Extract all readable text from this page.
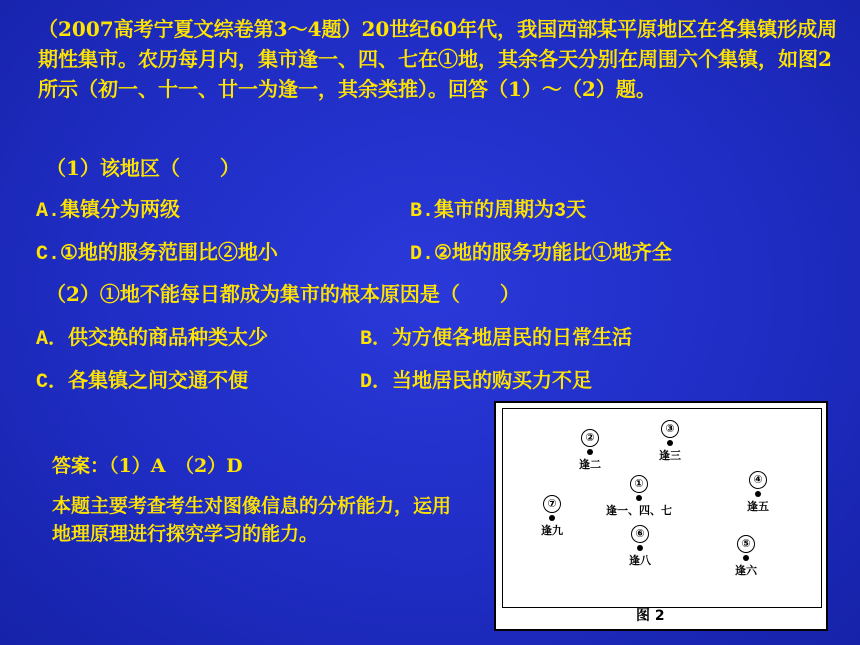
（2007高考宁夏文综卷第3～4题）20世纪60年代，我国西部某平原地区在各集镇形成周期性集市。农历每月内，集市逢一、四、七在①地，其余各天分别在周围六个集镇，如图2所示（初一、十一、廿一为逢一，其余类推）。回答（1）～（2）题。
（1）该地区（　　）
A.集镇分为两级	B.集市的周期为3天
C.①地的服务范围比②地小	D.②地的服务功能比①地齐全
（2）①地不能每日都成为集市的根本原因是（　　）
A．供交换的商品种类太少	B．为方便各地居民的日常生活
C．各集镇之间交通不便	D．当地居民的购买力不足

答案：（1）A　（2）D

本题主要考查考生对图像信息的分析能力，运用地理原理进行探究学习的能力。

②
逢二
③
逢三
①
逢一、四、七
④
逢五
⑦
逢九	⑥
逢八
⑤
逢六
图 2
